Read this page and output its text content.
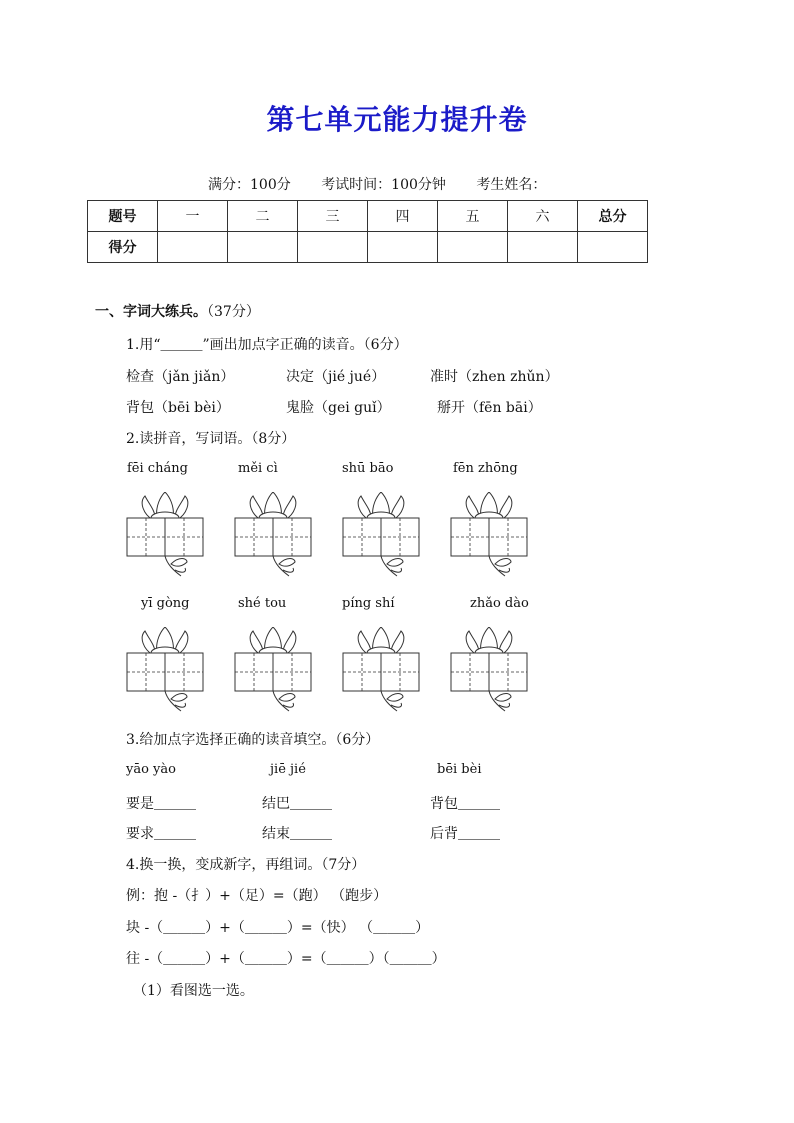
第七单元能力提升卷
满分：100分 考试时间：100分钟 考生姓名：
题号	一	二	三	四	五	六	总分
得分							
一、字词大练兵。（37分）
1.用“＿＿＿”画出加点字正确的读音。（6分）
检查（jǎn jiǎn）	决定（jié jué）	准时（zhen zhǔn）
背包（bēi bèi）	鬼脸（gei guǐ）	掰开（fēn bāi）
2.读拼音，写词语。（8分）
fēi cháng	měi cì	shū bāo	fēn zhōng
yī gòng	shé tou	píng shí	zhǎo dào
3.给加点字选择正确的读音填空。（6分）
yāo yào	jiē jié	bēi bèi
要是＿＿＿	结巴＿＿＿	背包＿＿＿
要求＿＿＿	结束＿＿＿	后背＿＿＿
4.换一换，变成新字，再组词。（7分）
例：抱 -（扌）+（足）=（跑） （跑步）
块 -（＿＿＿）+（＿＿＿）=（快） （＿＿＿）
往 -（＿＿＿）+（＿＿＿）=（＿＿＿）（＿＿＿）
（1）看图选一选。
